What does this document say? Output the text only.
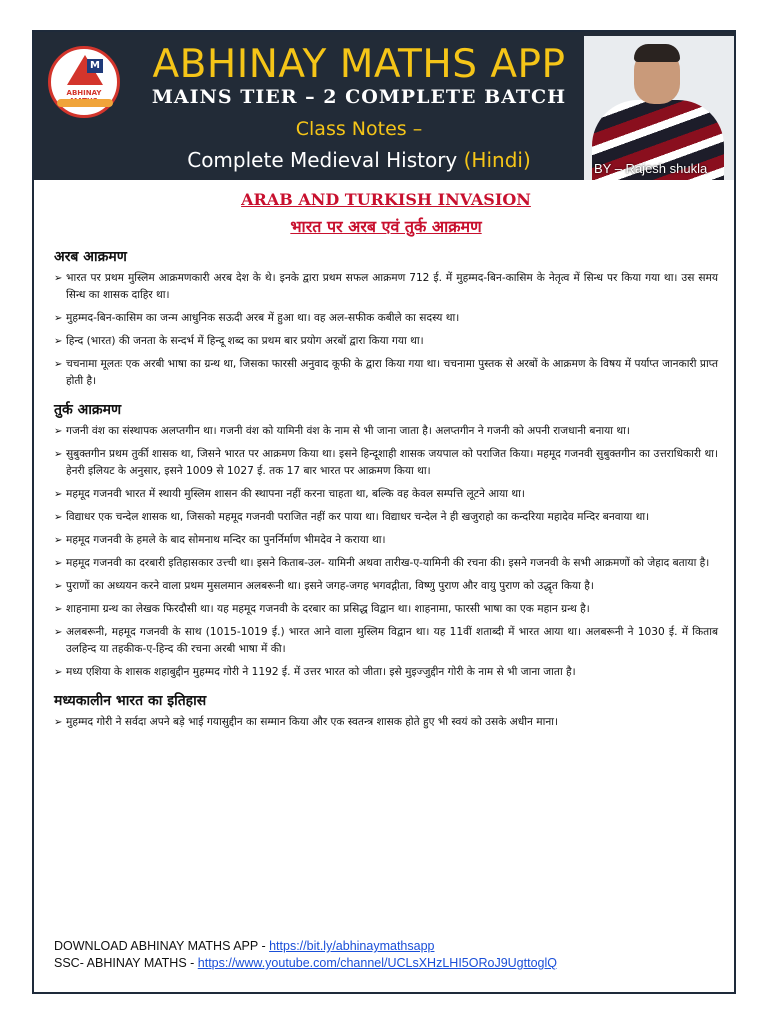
M
ABHINAY
ABHINAY MATHS APP
MAINS TIER – 2 COMPLETE BATCH
Class Notes –
Complete Medieval History (Hindi)	BY – Rajesh shukla
ARAB AND TURKISH INVASION
भारत पर अरब एवं तुर्क आक्रमण
अरब आक्रमण
➢ भारत पर प्रथम मुस्लिम आक्रमणकारी अरब देश के थे। इनके द्वारा प्रथम सफल आक्रमण 712 ई. में मुहम्मद-बिन-कासिम के नेतृत्व में सिन्ध पर किया गया था। उस समय सिन्ध का शासक दाहिर था।
➢ मुहम्मद-बिन-कासिम का जन्म आधुनिक सऊदी अरब में हुआ था। वह अल-सफीक कबीले का सदस्य था।
➢ हिन्द (भारत) की जनता के सन्दर्भ में हिन्दू शब्द का प्रथम बार प्रयोग अरबों द्वारा किया गया था।
➢ चचनामा मूलतः एक अरबी भाषा का ग्रन्थ था, जिसका फारसी अनुवाद कूफी के द्वारा किया गया था। चचनामा पुस्तक से अरबों के आक्रमण के विषय में पर्याप्त जानकारी प्राप्त होती है।
तुर्क आक्रमण
➢ गजनी वंश का संस्थापक अलप्तगीन था। गजनी वंश को यामिनी वंश के नाम से भी जाना जाता है। अलप्तगीन ने गजनी को अपनी राजधानी बनाया था।
➢ सुबुक्तगीन प्रथम तुर्की शासक था, जिसने भारत पर आक्रमण किया था। इसने हिन्दूशाही शासक जयपाल को पराजित किया। महमूद गजनवी सुबुक्तगीन का उत्तराधिकारी था। हेनरी इलियट के अनुसार, इसने 1009 से 1027 ई. तक 17 बार भारत पर आक्रमण किया था।
➢ महमूद गजनवी भारत में स्थायी मुस्लिम शासन की स्थापना नहीं करना चाहता था, बल्कि वह केवल सम्पत्ति लूटने आया था।
➢ विद्याधर एक चन्देल शासक था, जिसको महमूद गजनवी पराजित नहीं कर पाया था। विद्याधर चन्देल ने ही खजुराहो का कन्दरिया महादेव मन्दिर बनवाया था।
➢ महमूद गजनवी के हमले के बाद सोमनाथ मन्दिर का पुनर्निर्माण भीमदेव ने कराया था।
➢ महमूद गजनवी का दरबारी इतिहासकार उत्त्ची था। इसने किताब-उल- यामिनी अथवा तारीख-ए-यामिनी की रचना की। इसने गजनवी के सभी आक्रमणों को जेहाद बताया है।
➢ पुराणों का अध्ययन करने वाला प्रथम मुसलमान अलबरूनी था। इसने जगह-जगह भगवद्गीता, विष्णु पुराण और वायु पुराण को उद्धृत किया है।
➢ शाहनामा ग्रन्थ का लेखक फिरदौसी था। यह महमूद गजनवी के दरबार का प्रसिद्ध विद्वान था। शाहनामा, फारसी भाषा का एक महान ग्रन्थ है।
➢ अलबरूनी, महमूद गजनवी के साथ (1015-1019 ई.) भारत आने वाला मुस्लिम विद्वान था। यह 11वीं शताब्दी में भारत आया था। अलबरूनी ने 1030 ई. में किताब उलहिन्द या तहकीक-ए-हिन्द की रचना अरबी भाषा में की।
➢ मध्य एशिया के शासक शहाबुद्दीन मुहम्मद गोरी ने 1192 ई. में उत्तर भारत को जीता। इसे मुइज्जुद्दीन गोरी के नाम से भी जाना जाता है।
मध्यकालीन भारत का इतिहास
➢ मुहम्मद गोरी ने सर्वदा अपने बड़े भाई गयासुद्दीन का सम्मान किया और एक स्वतन्त्र शासक होते हुए भी स्वयं को उसके अधीन माना।
DOWNLOAD ABHINAY MATHS APP - https://bit.ly/abhinaymathsapp
SSC- ABHINAY MATHS - https://www.youtube.com/channel/UCLsXHzLHI5ORoJ9UgttoglQ
